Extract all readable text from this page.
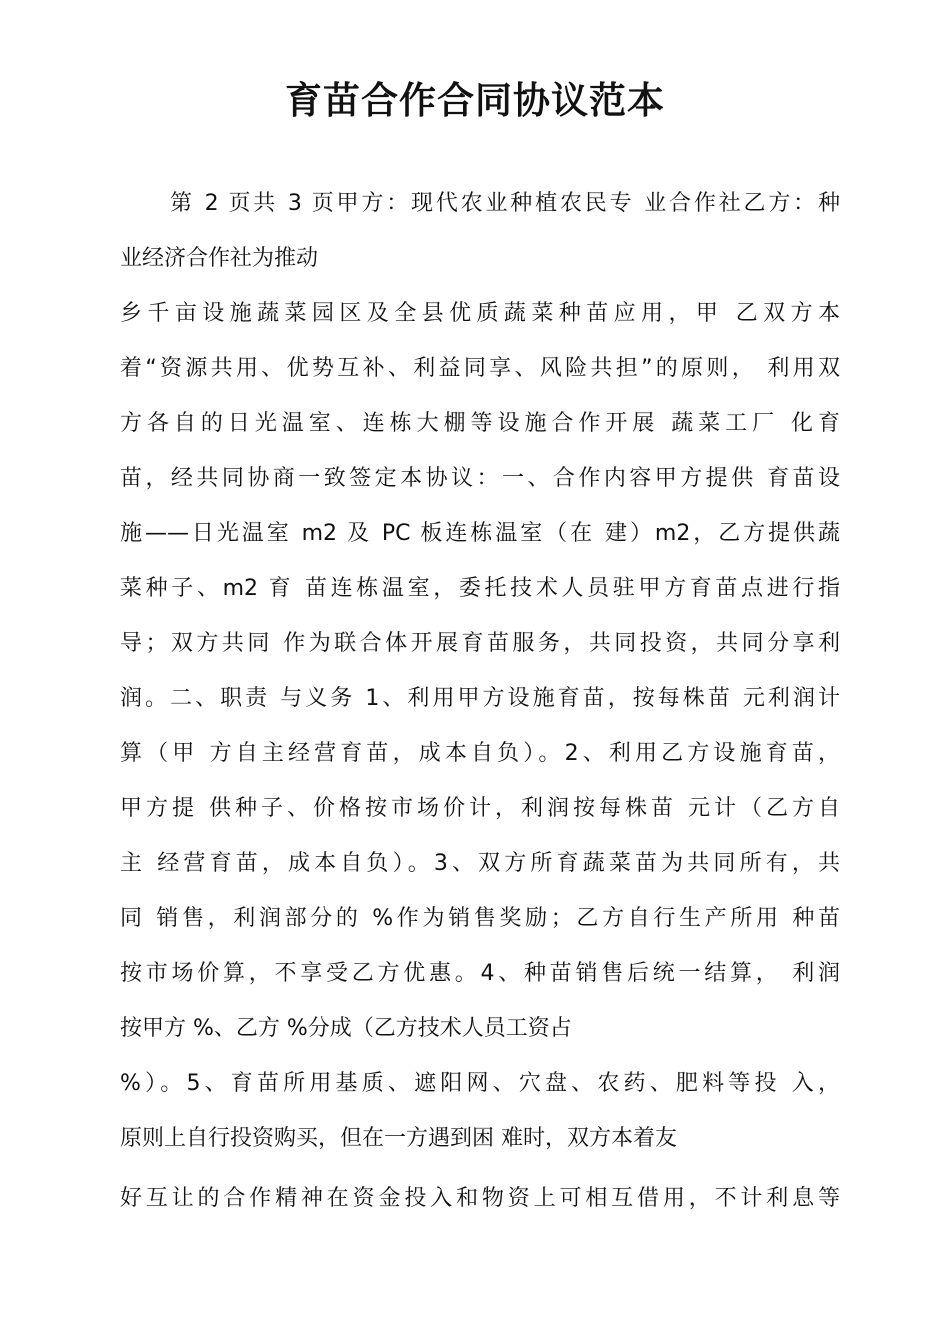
育苗合作合同协议范本
第 2 页共 3 页甲方：现代农业种植农民专 业合作社乙方：种
业经济合作社为推动
乡千亩设施蔬菜园区及全县优质蔬菜种苗应用，甲 乙双方本
着“资源共用、优势互补、利益同享、风险共担”的原则， 利用双
方各自的日光温室、连栋大棚等设施合作开展 蔬菜工厂 化育
苗，经共同协商一致签定本协议：一、合作内容甲方提供 育苗设
施——日光温室 m2 及 PC 板连栋温室（在 建）m2，乙方提供蔬
菜种子、m2 育 苗连栋温室，委托技术人员驻甲方育苗点进行指
导；双方共同 作为联合体开展育苗服务，共同投资，共同分享利
润。二、职责 与义务 1、利用甲方设施育苗，按每株苗 元利润计
算（甲 方自主经营育苗，成本自负）。2、利用乙方设施育苗，
甲方提 供种子、价格按市场价计，利润按每株苗 元计（乙方自
主 经营育苗，成本自负）。3、双方所育蔬菜苗为共同所有，共
同 销售，利润部分的 %作为销售奖励；乙方自行生产所用 种苗
按市场价算，不享受乙方优惠。4、种苗销售后统一结算， 利润
按甲方 %、乙方 %分成（乙方技术人员工资占
%）。5、育苗所用基质、遮阳网、穴盘、农药、肥料等投 入，
原则上自行投资购买，但在一方遇到困 难时，双方本着友
好互让的合作精神在资金投入和物资上可相互借用，不计利息等
